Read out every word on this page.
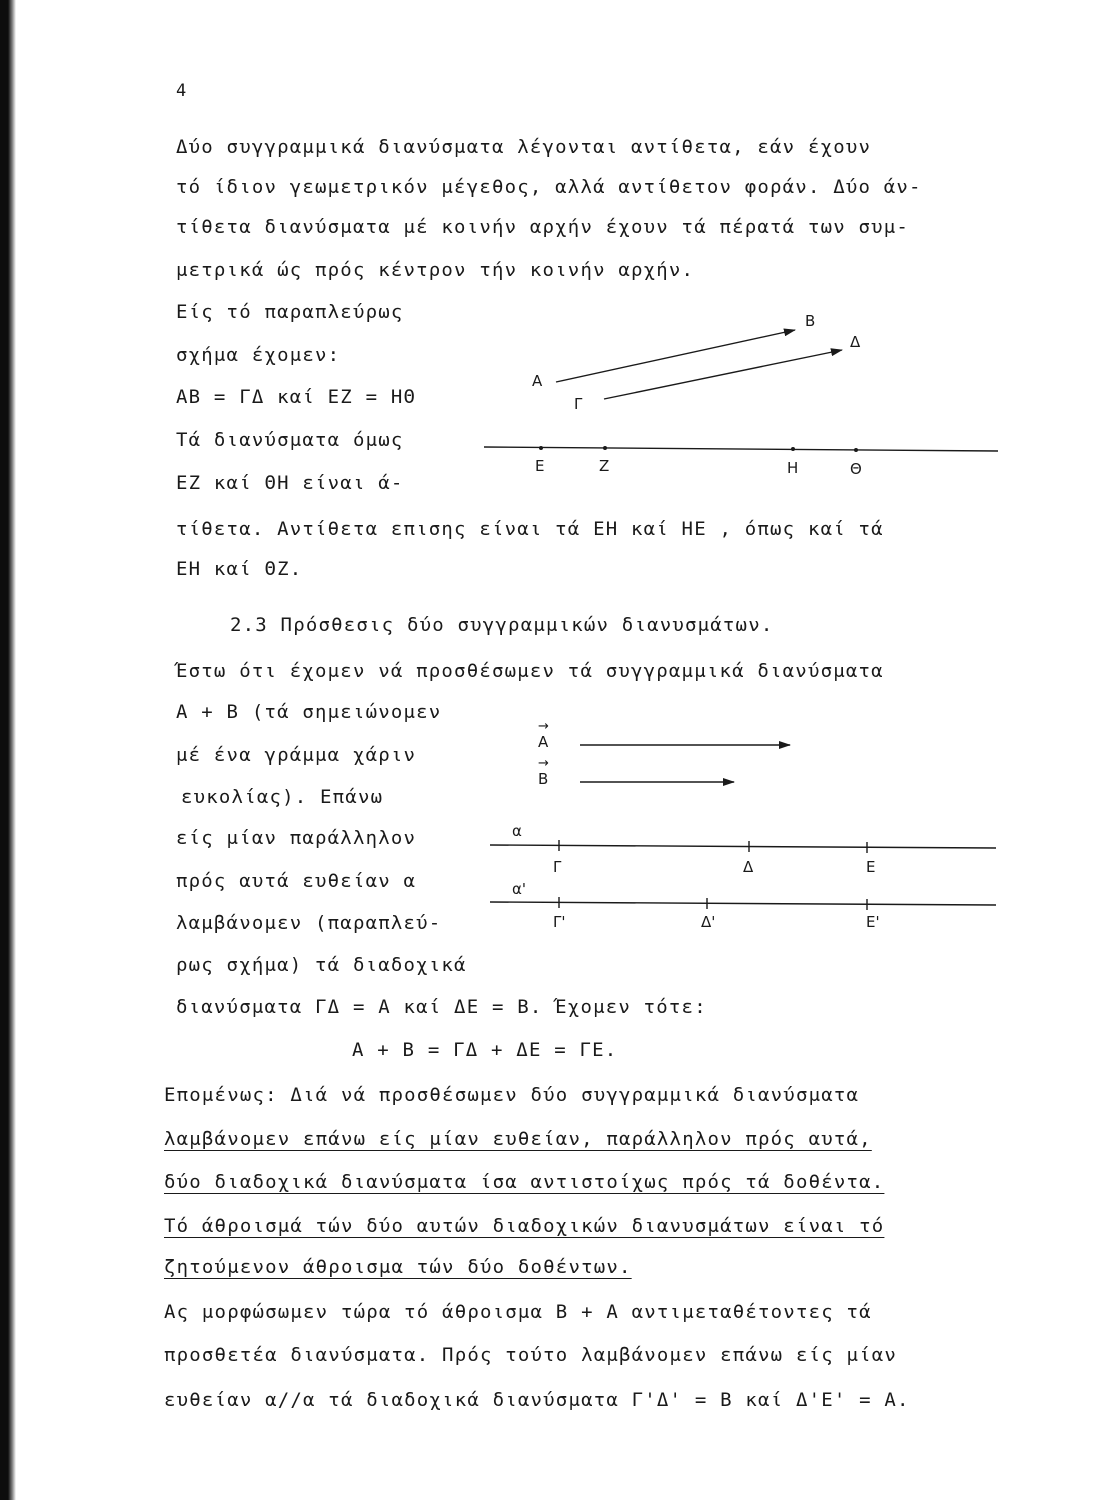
4
Δύο συγγραμμικά διανύσματα λέγονται αντίθετα, εάν έχουν
τό ίδιον γεωμετρικόν μέγεθος, αλλά αντίθετον φοράν. Δύο άν-
τίθετα διανύσματα μέ κοινήν αρχήν έχουν τά πέρατά των συμ-
μετρικά ώς πρός κέντρον τήν κοινήν αρχήν.
Είς τό παραπλεύρως
σχήμα έχομεν:
AB = ΓΔ καί EZ = HΘ
Τά διανύσματα όμως
EZ καί ΘH είναι ά-
τίθετα. Αντίθετα επισης είναι τά EH καί HE , όπως καί τά
EH καί ΘZ.
2.3 Πρόσθεσις δύο συγγραμμικών διανυσμάτων.
Έστω ότι έχομεν νά προσθέσωμεν τά συγγραμμικά διανύσματα
A + B (τά σημειώνομεν
μέ ένα γράμμα χάριν
ευκολίας). Επάνω
είς μίαν παράλληλον
πρός αυτά ευθείαν α
λαμβάνομεν (παραπλεύ-
ρως σχήμα) τά διαδοχικά
διανύσματα ΓΔ = A καί ΔE = B. Έχομεν τότε:
A + B = ΓΔ + ΔE = ΓE.
Επομένως: Διά νά προσθέσωμεν δύο συγγραμμικά διανύσματα
λαμβάνομεν επάνω είς μίαν ευθείαν, παράλληλον πρός αυτά,
δύο διαδοχικά διανύσματα ίσα αντιστοίχως πρός τά δοθέντα.
Τό άθροισμά τών δύο αυτών διαδοχικών διανυσμάτων είναι τό
ζητούμενον άθροισμα τών δύο δοθέντων.
Ας μορφώσωμεν τώρα τό άθροισμα B + A αντιμεταθέτοντες τά
προσθετέα διανύσματα. Πρός τούτο λαμβάνομεν επάνω είς μίαν
ευθείαν α//α τά διαδοχικά διανύσματα Γ'Δ' = B καί Δ'Ε' = A.
A
B
Γ
Δ
E	Z	H	Θ
→ A
→ B
α
Γ	Δ	E
α'
Γ'	Δ'	E'
